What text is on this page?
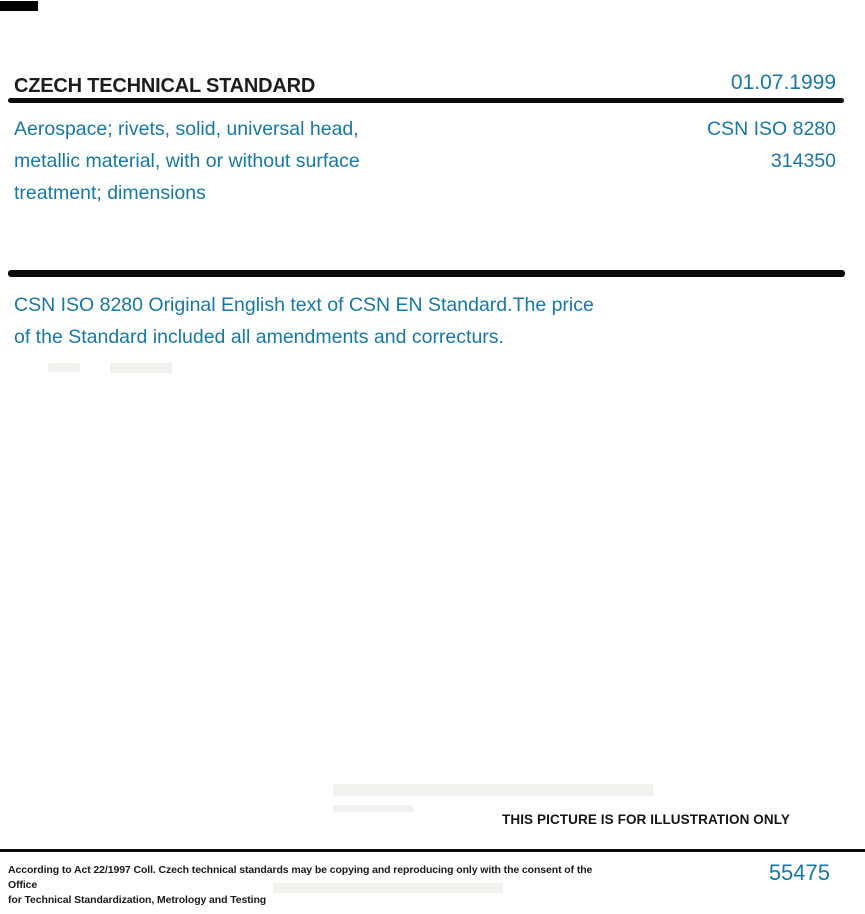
CZECH TECHNICAL STANDARD	01.07.1999
Aerospace; rivets, solid, universal head,
metallic material, with or without surface
treatment; dimensions
CSN ISO 8280
314350
CSN ISO 8280 Original English text of CSN EN Standard.The price
of the Standard included all amendments and correcturs.
THIS PICTURE IS FOR ILLUSTRATION ONLY
According to Act 22/1997 Coll. Czech technical standards may be copying and reproducing only with the consent of the Office
for Technical Standardization, Metrology and Testing
55475
